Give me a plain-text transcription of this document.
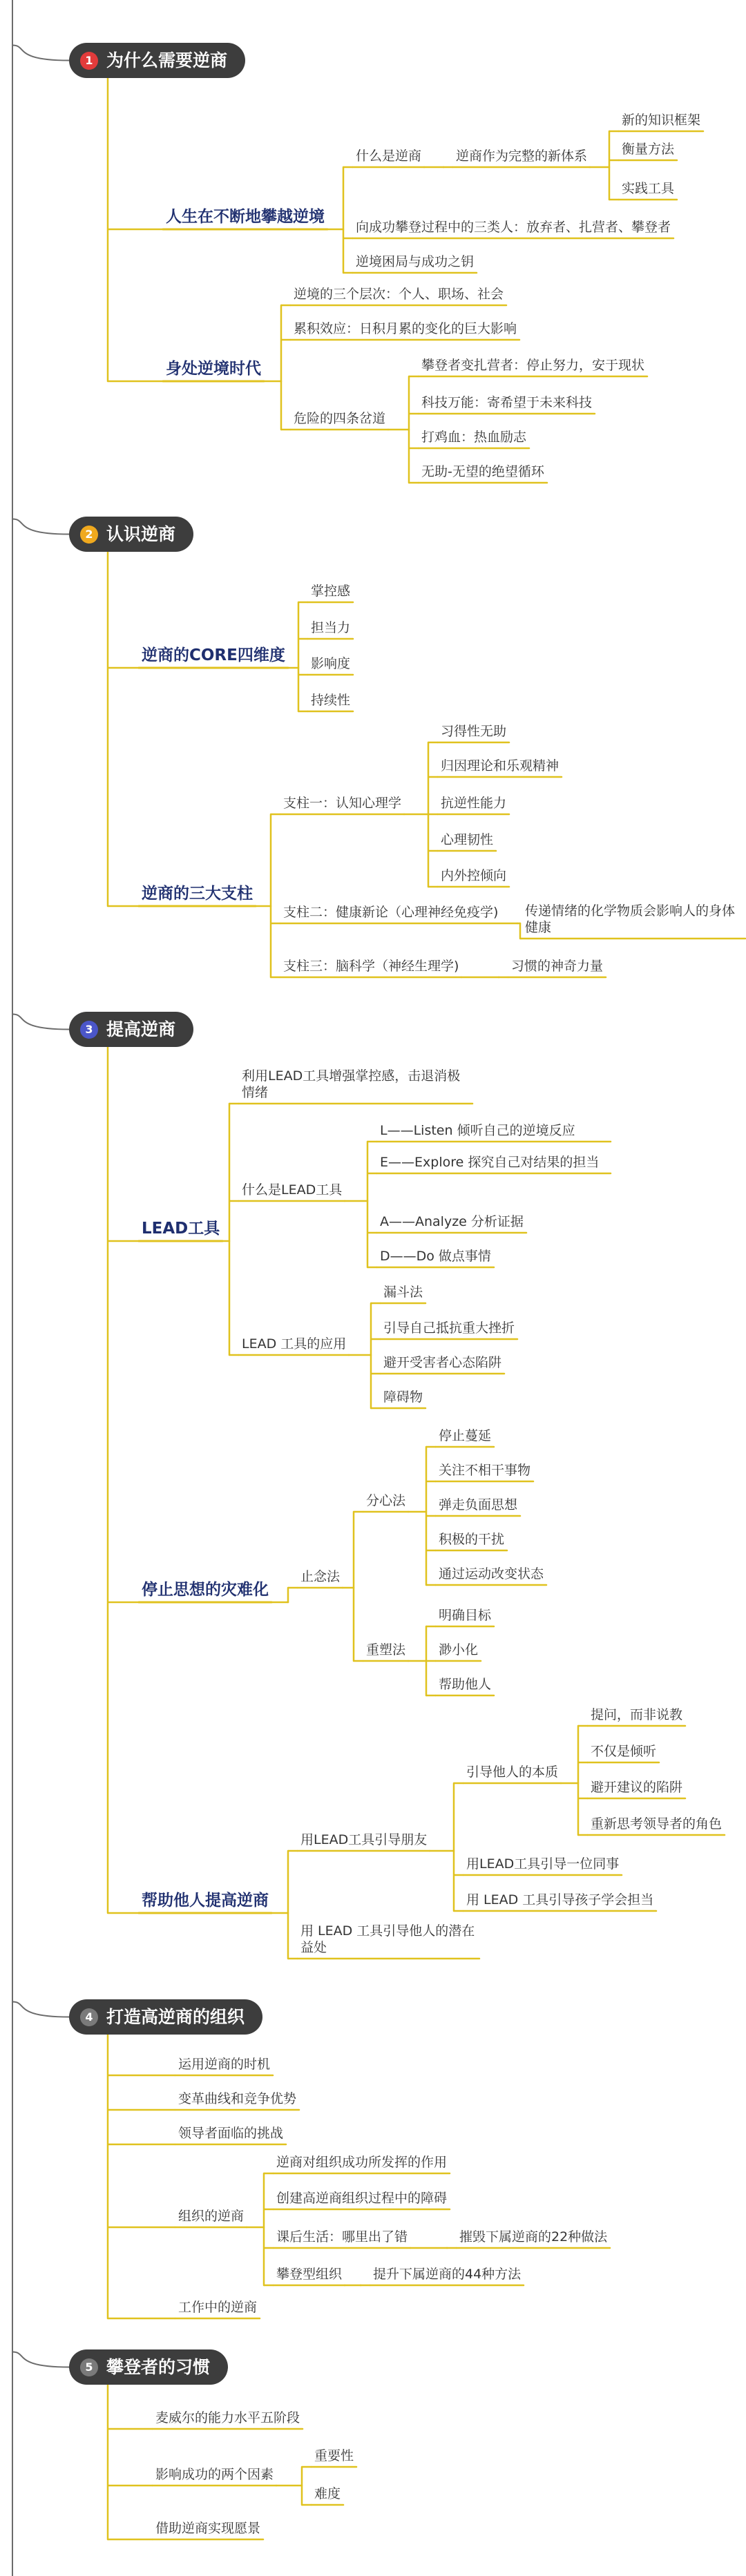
1 为什么需要逆商
人生在不断地攀越逆境
什么是逆商	逆商作为完整的新体系
新的知识框架
衡量方法
实践工具
向成功攀登过程中的三类人：放弃者、扎营者、攀登者
逆境困局与成功之钥
身处逆境时代
逆境的三个层次：个人、职场、社会
累积效应：日积月累的变化的巨大影响
危险的四条岔道
攀登者变扎营者：停止努力，安于现状
科技万能：寄希望于未来科技
打鸡血：热血励志
无助-无望的绝望循环
2 认识逆商
逆商的CORE四维度
掌控感
担当力
影响度
持续性
逆商的三大支柱
支柱一：认知心理学
习得性无助
归因理论和乐观精神
抗逆性能力
心理韧性
内外控倾向
支柱二：健康新论（心理神经免疫学)	传递情绪的化学物质会影响人的身体健康
支柱三：脑科学（神经生理学)	习惯的神奇力量
3 提高逆商
LEAD工具
利用LEAD工具增强掌控感，击退消极情绪
什么是LEAD工具
L——Listen 倾听自己的逆境反应
E——Explore 探究自己对结果的担当
A——Analyze 分析证据
D——Do 做点事情
LEAD 工具的应用
漏斗法
引导自己抵抗重大挫折
避开受害者心态陷阱
障碍物
停止思想的灾难化
止念法
分心法
停止蔓延
关注不相干事物
弹走负面思想
积极的干扰
通过运动改变状态
重塑法
明确目标
渺小化
帮助他人
帮助他人提高逆商
用LEAD工具引导朋友
引导他人的本质
提问，而非说教
不仅是倾听
避开建议的陷阱
重新思考领导者的角色
用LEAD工具引导一位同事
用 LEAD 工具引导孩子学会担当
用 LEAD 工具引导他人的潜在益处
4 打造高逆商的组织
运用逆商的时机
变革曲线和竞争优势
领导者面临的挑战
组织的逆商
逆商对组织成功所发挥的作用
创建高逆商组织过程中的障碍
课后生活：哪里出了错	摧毁下属逆商的22种做法
攀登型组织 提升下属逆商的44种方法
工作中的逆商
5 攀登者的习惯
麦威尔的能力水平五阶段
影响成功的两个因素
重要性
难度
借助逆商实现愿景
